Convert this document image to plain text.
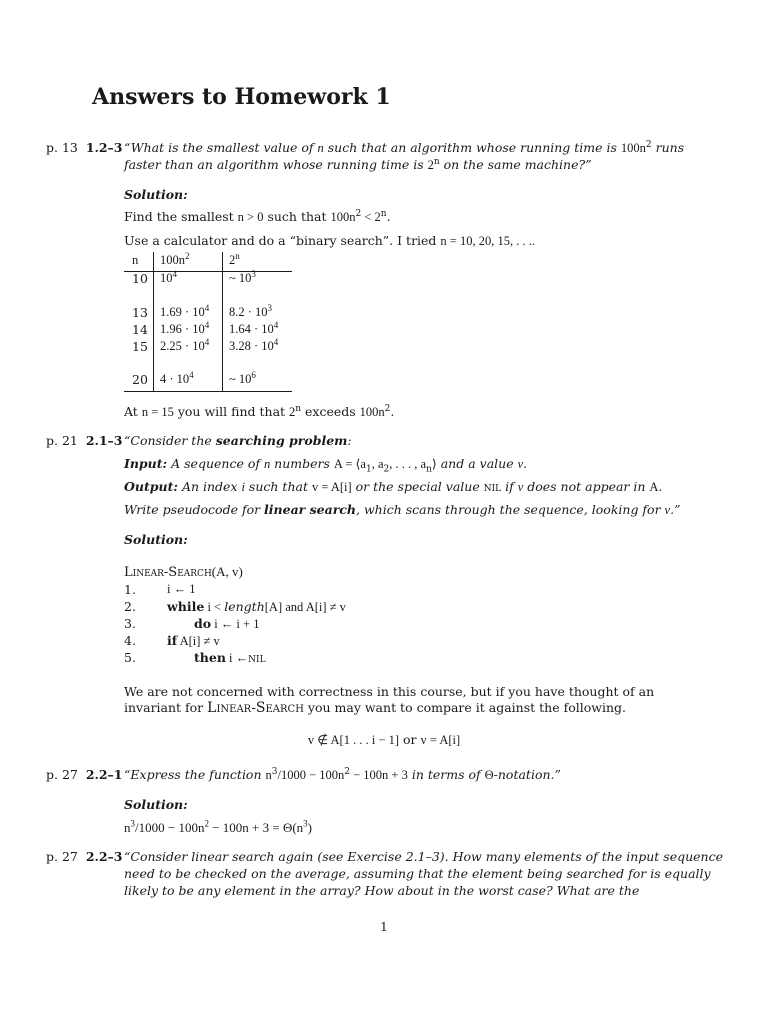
Answers to Homework 1
p. 13 1.2–3 “What is the smallest value of n such that an algorithm whose running time is $100n^2$ runs
faster than an algorithm whose running time is 2$^n$ on the same machine?”
Solution:
Find the smallest n > 0 such that $100n^2 < 2^n$.
Use a calculator and do a “binary search”. I tried n = 10, 20, 15, . . ..
n $100n^2$	2$^n$
10 $10^4$	~ $10^3$
13 $1.69 \cdot 10^4$ $8.2 \cdot 10^3$
14 $1.96 \cdot 10^4$ $1.64 \cdot 10^4$
15 $2.25 \cdot 10^4$ $3.28 \cdot 10^4$
20 $4 \cdot 10^4$	~ $10^6$
At n = 15 you will find that 2$^n$ exceeds $100n^2$.
p. 21 2.1–3 “Consider the searching problem:
Input: A sequence of n numbers $A = ⟨a_1$, $a_2$, . . . , $a_n⟩$ and a value v.
Output: An index i such that v = A[i] or the special value nil if v does not appear in A.
Write pseudocode for linear search, which scans through the sequence, looking for v.”
Solution:
Linear-Search(A, v)
1. i ← 1
2. while i < length[A] and A[i] ≠ v
3.	do i ← i + 1
4. if A[i] ≠ v
5.	then i ←nil
We are not concerned with correctness in this course, but if you have thought of an
invariant for Linear-Search you may want to compare it against the following.
v ∉ A[1 . . . i − 1] or v = A[i]
p. 27 2.2–1 “Express the function $n^3/1000 - 100n^2 - 100n + 3$ in terms of Θ-notation.”
Solution:
$n^3/1000 - 100n^2 - 100n + 3 = \Theta(n^3)$
p. 27 2.2–3 “Consider linear search again (see Exercise 2.1–3). How many elements of the input sequence
need to be checked on the average, assuming that the element being searched for is equally
likely to be any element in the array? How about in the worst case? What are the
1
